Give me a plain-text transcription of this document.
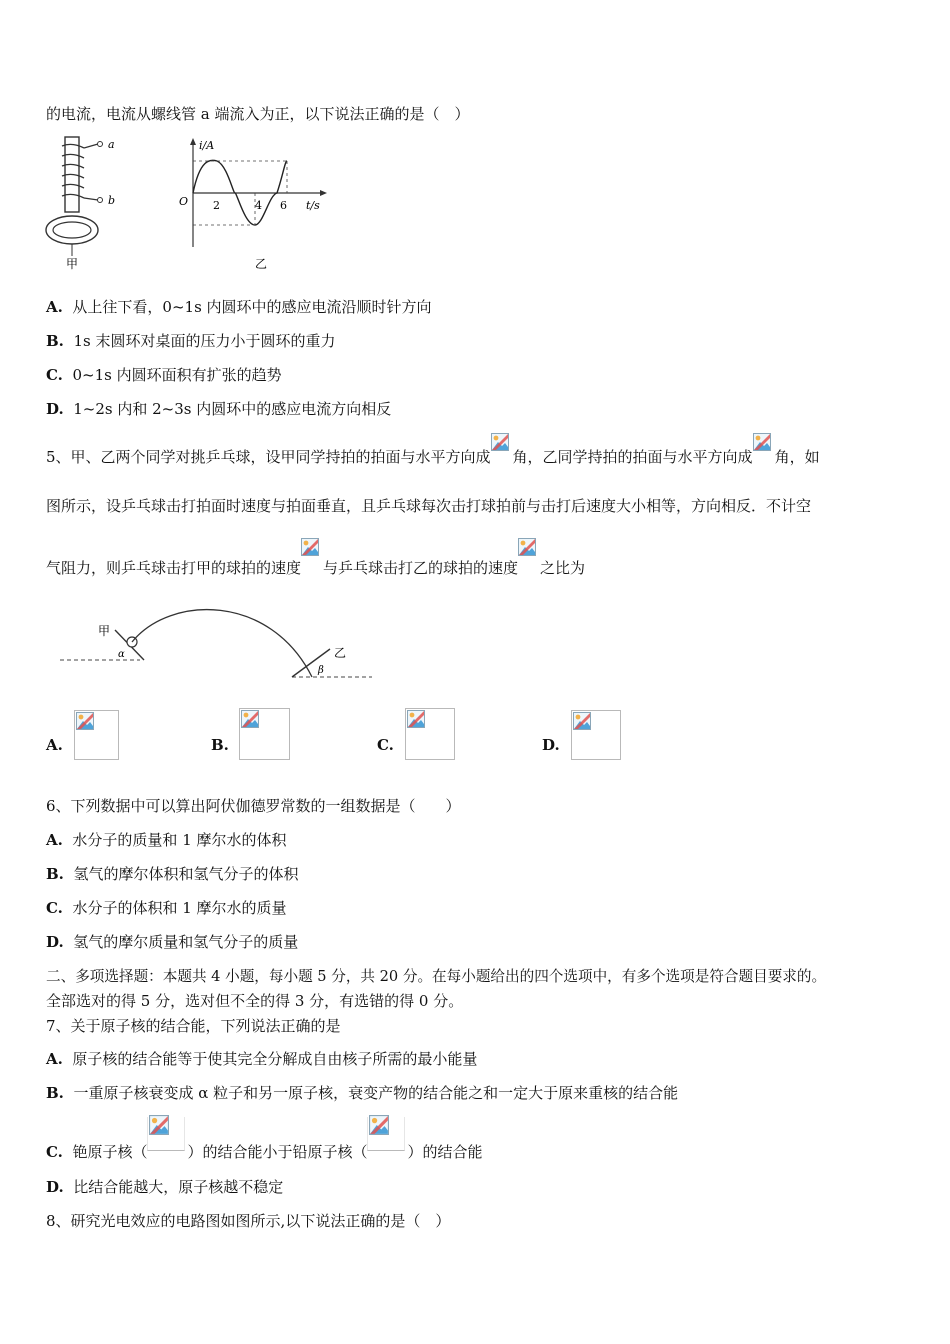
的电流，电流从螺线管 a 端流入为正，以下说法正确的是（　）
a
b
甲
i/A
O 2	4 6 t/s
乙
A. 从上往下看，0~1s 内圆环中的感应电流沿顺时针方向
B. 1s 末圆环对桌面的压力小于圆环的重力
C. 0~1s 内圆环面积有扩张的趋势
D. 1~2s 内和 2~3s 内圆环中的感应电流方向相反
5、甲、乙两个同学对挑乒乓球，设甲同学持拍的拍面与水平方向成 角，乙同学持拍的拍面与水平方向成 角，如
图所示，设乒乓球击打拍面时速度与拍面垂直，且乒乓球每次击打球拍前与击打后速度大小相等，方向相反．不计空
气阻力，则乒乓球击打甲的球拍的速度 与乒乓球击打乙的球拍的速度 之比为
甲
α	乙
β
A.	B.	C.	D.
6、下列数据中可以算出阿伏伽德罗常数的一组数据是（　　）
A. 水分子的质量和 1 摩尔水的体积
B. 氢气的摩尔体积和氢气分子的体积
C. 水分子的体积和 1 摩尔水的质量
D. 氢气的摩尔质量和氢气分子的质量
二、多项选择题：本题共 4 小题，每小题 5 分，共 20 分。在每小题给出的四个选项中，有多个选项是符合题目要求的。
全部选对的得 5 分，选对但不全的得 3 分，有选错的得 0 分。
7、关于原子核的结合能，下列说法正确的是
A. 原子核的结合能等于使其完全分解成自由核子所需的最小能量
B. 一重原子核衰变成 α 粒子和另一原子核，衰变产物的结合能之和一定大于原来重核的结合能
C. 铯原子核（	）的结合能小于铅原子核（	）的结合能
D. 比结合能越大，原子核越不稳定
8、研究光电效应的电路图如图所示,以下说法正确的是（　）
